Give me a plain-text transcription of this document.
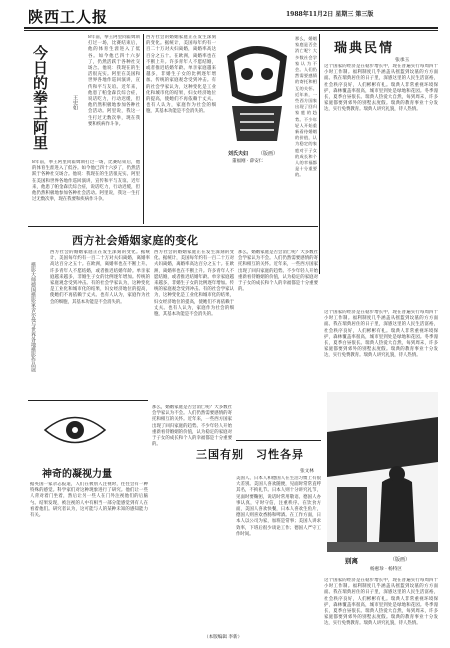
陕西工人报	1988年11月2日 星期三 第三版
今日的拳王阿里	王史如
8年前，拳王阿里同霍姆斯打过一场，比赛结束后，他的体育生涯进入了低谷。如今他已四十六岁了，仍然活跃于各种社交场合。他说：我现在的生活很充实。阿里在美国和世界各地作巡回演讲，宣传和平与友谊。近年来，他患了帕金森氏综合症，说话吃力，行动迟缓，但他仍然积极地参加各种社会活动。阿里说，我这一生打过无数次拳，现在我要和疾病作斗争。
8年前，拳王阿里同霍姆斯打过一场，比赛结束后，他的体育生涯进入了低谷。如今他已四十六岁了，仍然活跃于各种社交场合。他说：我现在的生活很充实。阿里在美国和世界各地作巡回演讲，宣传和平与友谊。近年来，他患了帕金森氏综合症，说话吃力，行动迟缓，但他仍然积极地参加各种社会活动。阿里说，我这一生打过无数次拳，现在我要和疾病作斗争。
西方社会的婚姻家庭正在发生深刻的变化。据统计，美国每年约有一百二十万对夫妇离婚，离婚率高达百分之五十。在欧洲，离婚率也在不断上升。许多青年人不愿结婚，或者推迟结婚年龄。单亲家庭越来越多，非婚生子女的比例逐年增加。传统的家庭观念受到冲击。有的社会学家认为，这种变化是工业化和城市化的结果，妇女经济地位的提高，使她们不再依赖于丈夫。也有人认为，家庭作为社会的细胞，其基本功能是不会消失的。
那么，婚姻家庭是否会消亡呢？大多数社会学家认为不会。人们仍然需要感情的寄托和相互的关怀。近年来，一些西方国家出现了回归家庭的趋势。不少年轻人开始重新看待婚姻的价值，认为稳定的家庭对于子女的成长和个人的幸福都是十分重要的。
刘氏夫妇 （版画）
董福刚 · 薛安仁
瑞典民情
张承玉
这个国家的经济是在稳步增长中，现在普遍实行每周四十小时工作制。福利制度几乎涵盖从摇篮到坟墓的方方面面。我在瑞典居住的日子里，深感这里的人民生活富裕，社会秩序良好，人们彬彬有礼。瑞典人非常重视环境保护，森林覆盖率很高，城市里到处是绿地和花园。冬季漫长，夏季白昼很长。瑞典人热爱大自然，每到周末，许多家庭都要到郊外的别墅去度假。瑞典的教育事业十分发达，实行免费教育。瑞典人讲究礼貌，待人热情。
这个国家的经济是在稳步增长中，现在普遍实行每周四十小时工作制。福利制度几乎涵盖从摇篮到坟墓的方方面面。我在瑞典居住的日子里，深感这里的人民生活富裕，社会秩序良好，人们彬彬有礼。瑞典人非常重视环境保护，森林覆盖率很高，城市里到处是绿地和花园。冬季漫长，夏季白昼很长。瑞典人热爱大自然，每到周末，许多家庭都要到郊外的别墅去度假。瑞典的教育事业十分发达，实行免费教育。瑞典人讲究礼貌，待人热情。
西方社会婚姻家庭的变化
西方社会的婚姻家庭正在发生深刻的变化。据统计，美国每年约有一百二十万对夫妇离婚，离婚率高达百分之五十。在欧洲，离婚率也在不断上升。许多青年人不愿结婚，或者推迟结婚年龄。单亲家庭越来越多，非婚生子女的比例逐年增加。传统的家庭观念受到冲击。有的社会学家认为，这种变化是工业化和城市化的结果，妇女经济地位的提高，使她们不再依赖于丈夫。也有人认为，家庭作为社会的细胞，其基本功能是不会消失的。
西方社会的婚姻家庭正在发生深刻的变化。据统计，美国每年约有一百二十万对夫妇离婚，离婚率高达百分之五十。在欧洲，离婚率也在不断上升。许多青年人不愿结婚，或者推迟结婚年龄。单亲家庭越来越多，非婚生子女的比例逐年增加。传统的家庭观念受到冲击。有的社会学家认为，这种变化是工业化和城市化的结果，妇女经济地位的提高，使她们不再依赖于丈夫。也有人认为，家庭作为社会的细胞，其基本功能是不会消失的。
那么，婚姻家庭是否会消亡呢？大多数社会学家认为不会。人们仍然需要感情的寄托和相互的关怀。近年来，一些西方国家出现了回归家庭的趋势。不少年轻人开始重新看待婚姻的价值，认为稳定的家庭对于子女的成长和个人的幸福都是十分重要的。
摄影大师德国摄影家舍尔曼与世界各地摄影作品展
神奇的凝视力量
据英国一家杂志报道，人们在被别人注视时，往往会有一种特殊的感觉。科学家们对这种现象进行了研究。他们让一些人背对着门坐着，然后让另一些人在门外注视他们的后脑勺。结果发现，被注视的人中有相当一部分能感觉到有人在看着他们。研究者认为，这可能与人的某种未知的感知能力有关。
那么，婚姻家庭是否会消亡呢？大多数社会学家认为不会。人们仍然需要感情的寄托和相互的关怀。近年来，一些西方国家出现了回归家庭的趋势。不少年轻人开始重新看待婚姻的价值，认为稳定的家庭对于子女的成长和个人的幸福都是十分重要的。
三国有别　习性各异
张文林
美国人、日本人和德国人在生活习惯上有很大差别。美国人喜欢随便，见面时常常直呼其名，不拘礼节。日本人则十分讲究礼节，见面时要鞠躬，说话时常用敬语。德国人办事认真，守时守信，注重秩序。在饮食方面，美国人喜欢快餐，日本人喜欢生鱼片，德国人则喜欢香肠和啤酒。在工作方面，日本人以公司为家，加班是常事；美国人讲求效率，下班后很少谈论工作；德国人严守工作时间。
别离	（版画）
杨惠珍 · 杨特区
这个国家的经济是在稳步增长中，现在普遍实行每周四十小时工作制。福利制度几乎涵盖从摇篮到坟墓的方方面面。我在瑞典居住的日子里，深感这里的人民生活富裕，社会秩序良好，人们彬彬有礼。瑞典人非常重视环境保护，森林覆盖率很高，城市里到处是绿地和花园。冬季漫长，夏季白昼很长。瑞典人热爱大自然，每到周末，许多家庭都要到郊外的别墅去度假。瑞典的教育事业十分发达，实行免费教育。瑞典人讲究礼貌，待人热情。
（本版编辑 李新）
